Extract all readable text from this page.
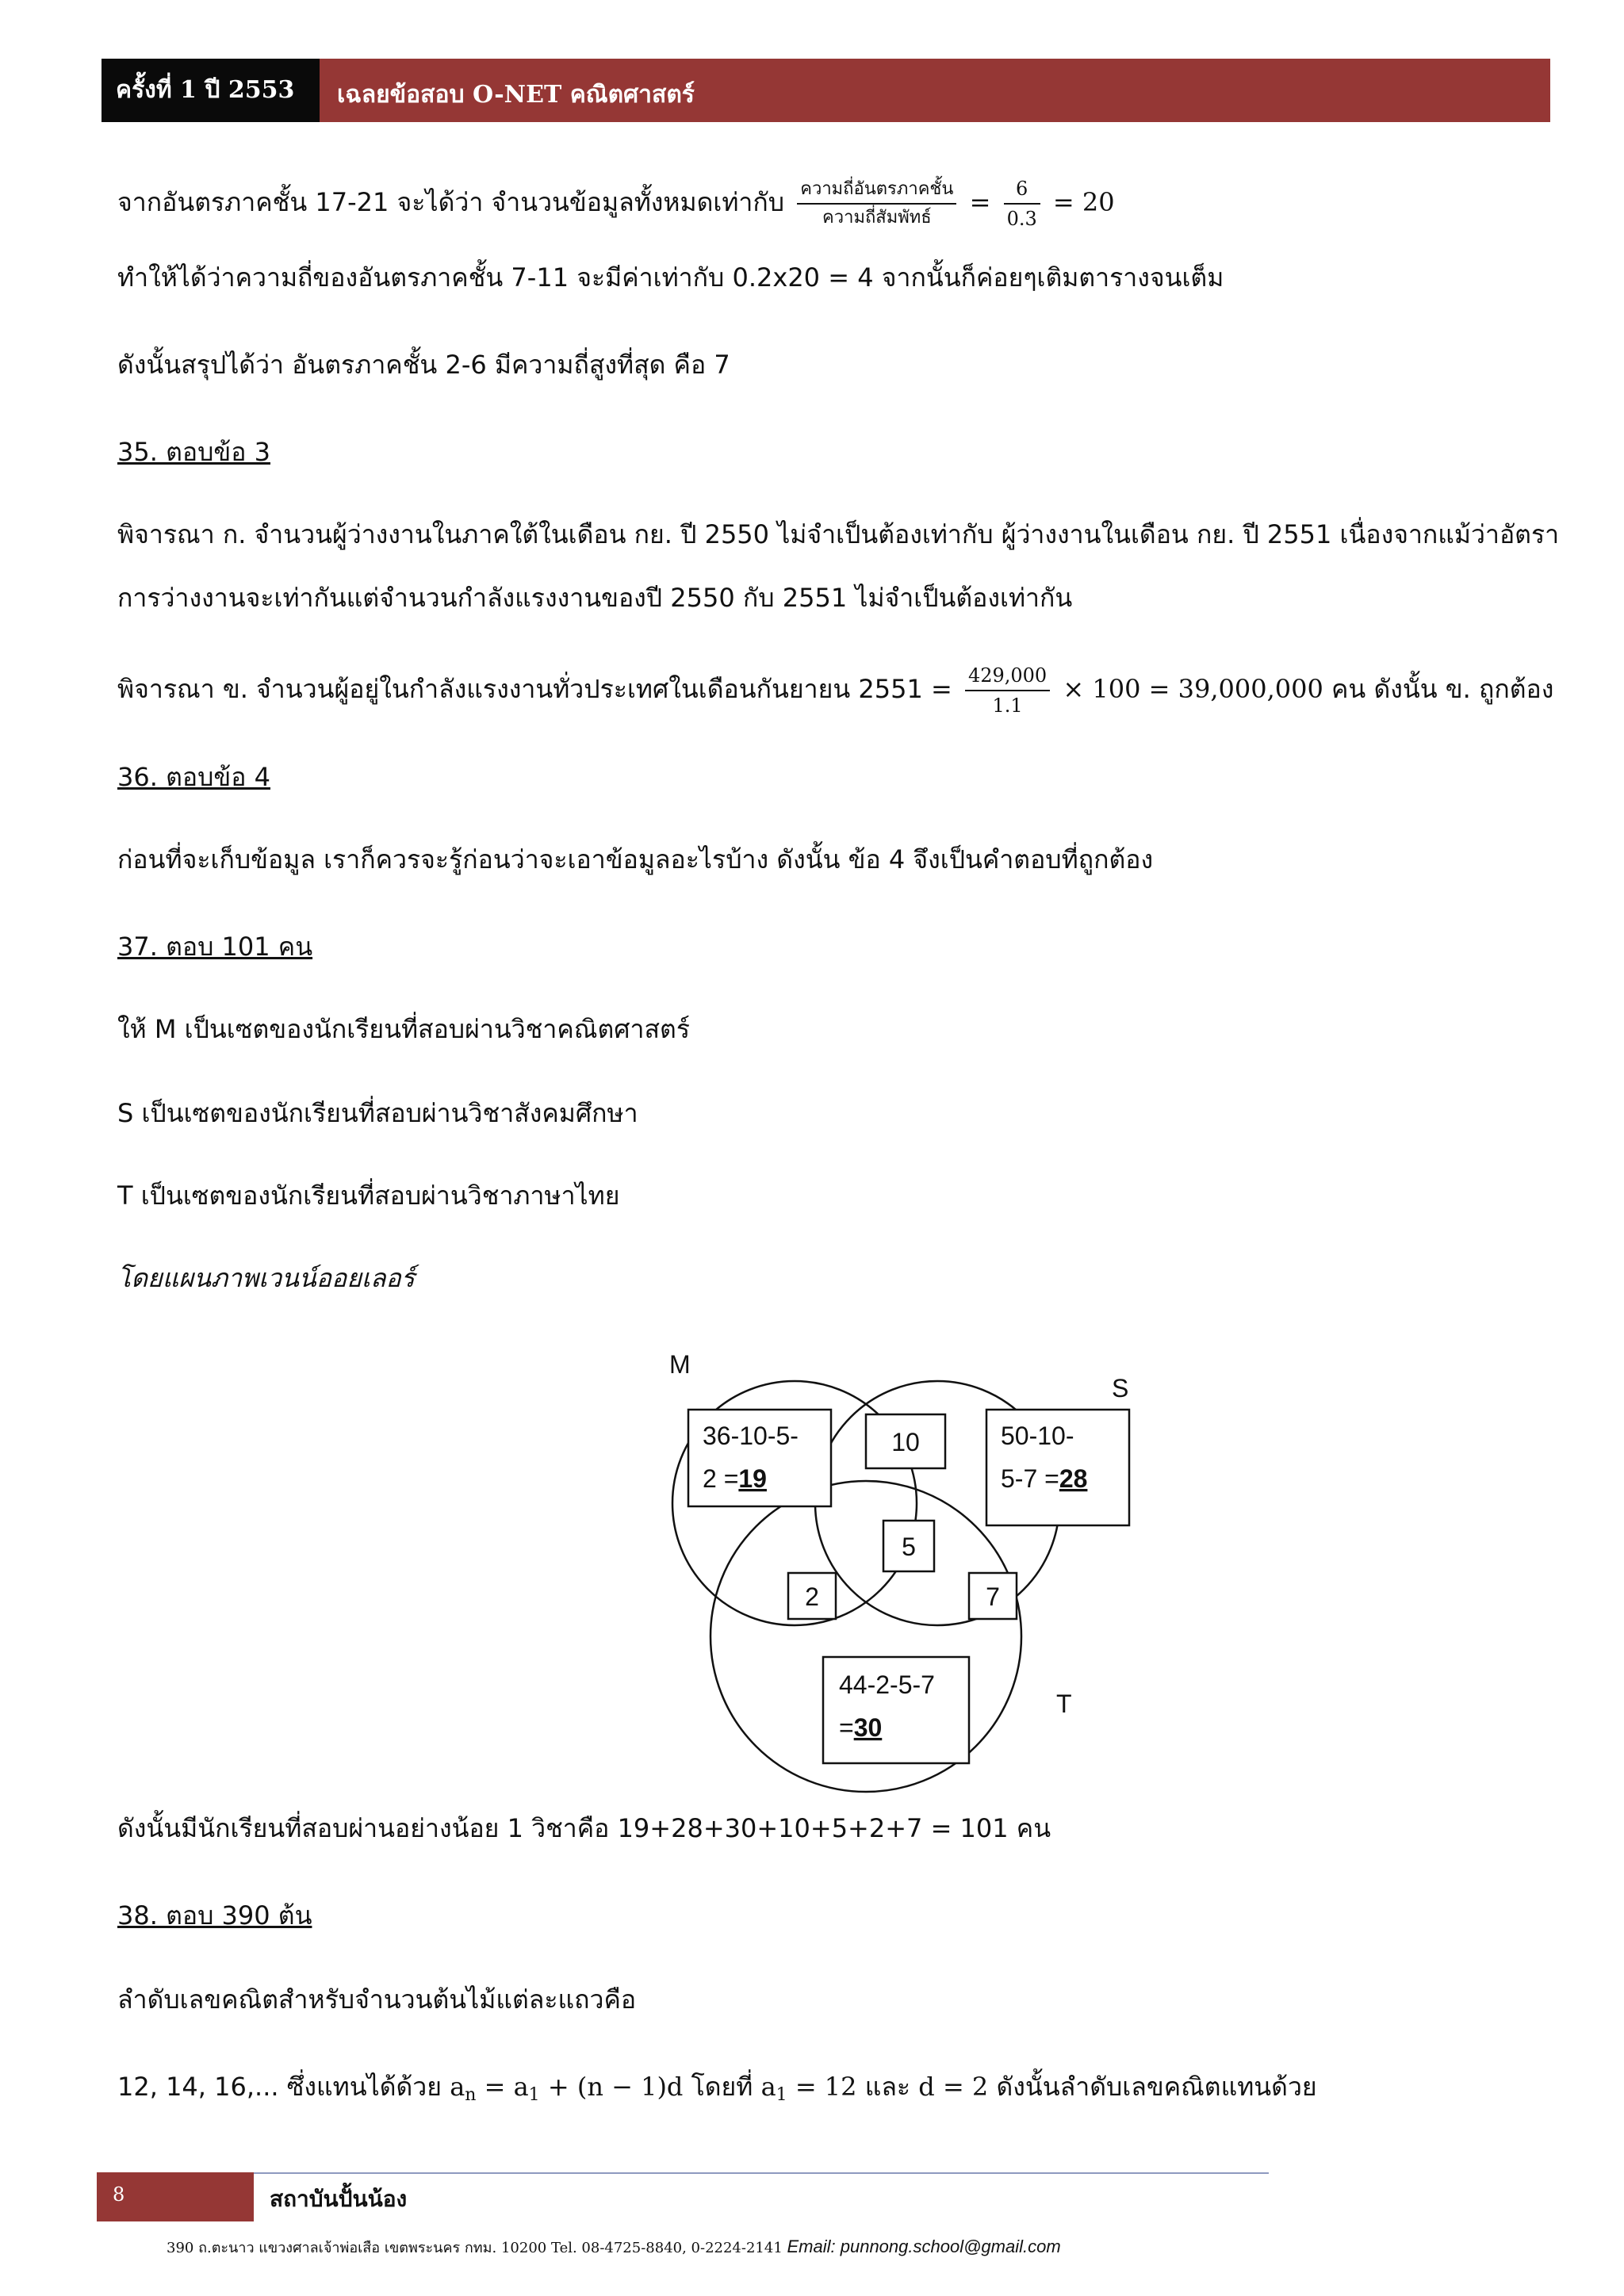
ครั้งที่ 1 ปี 2553	เฉลยข้อสอบ O-NET คณิตศาสตร์
จากอันตรภาคชั้น 17-21 จะได้ว่า จำนวนข้อมูลทั้งหมดเท่ากับ $\frac{\text{ความถี่อันตรภาคชั้น}}{\text{ความถี่สัมพัทธ์}} = \frac{6}{0.3} = 20$
ทำให้ได้ว่าความถี่ของอันตรภาคชั้น 7-11 จะมีค่าเท่ากับ 0.2x20 = 4 จากนั้นก็ค่อยๆเติมตารางจนเต็ม
ดังนั้นสรุปได้ว่า อันตรภาคชั้น 2-6 มีความถี่สูงที่สุด คือ 7
35. ตอบข้อ 3
พิจารณา ก. จำนวนผู้ว่างงานในภาคใต้ในเดือน กย. ปี 2550 ไม่จำเป็นต้องเท่ากับ ผู้ว่างงานในเดือน กย. ปี 2551 เนื่องจากแม้ว่าอัตรา
การว่างงานจะเท่ากันแต่จำนวนกำลังแรงงานของปี 2550 กับ 2551 ไม่จำเป็นต้องเท่ากัน
พิจารณา ข. จำนวนผู้อยู่ในกำลังแรงงานทั่วประเทศในเดือนกันยายน $2551 = \frac{429,000}{1.1} \times 100 = 39,000,000$ คน ดังนั้น ข. ถูกต้อง
36. ตอบข้อ 4
ก่อนที่จะเก็บข้อมูล เราก็ควรจะรู้ก่อนว่าจะเอาข้อมูลอะไรบ้าง ดังนั้น ข้อ 4 จึงเป็นคำตอบที่ถูกต้อง
37. ตอบ 101 คน
ให้ M เป็นเซตของนักเรียนที่สอบผ่านวิชาคณิตศาสตร์
S เป็นเซตของนักเรียนที่สอบผ่านวิชาสังคมศึกษา
T เป็นเซตของนักเรียนที่สอบผ่านวิชาภาษาไทย
โดยแผนภาพเวนน์ออยเลอร์
M
S
T
36-10-5-
2 =19
50-10-
5-7 =28
10
5
2	7
44-2-5-7
=30
ดังนั้นมีนักเรียนที่สอบผ่านอย่างน้อย 1 วิชาคือ 19+28+30+10+5+2+7 = 101 คน
38. ตอบ 390 ต้น
ลำดับเลขคณิตสำหรับจำนวนต้นไม้แต่ละแถวคือ
12, 14, 16,... ซึ่งแทนได้ด้วย $a_n = a_1 + (n - 1)d$ โดยที่ $a_1 = 12$ และ d = 2 ดังนั้นลำดับเลขคณิตแทนด้วย
8	สถาบันปั้นน้อง
390 ถ.ตะนาว แขวงศาลเจ้าพ่อเสือ เขตพระนคร กทม. 10200 Tel. 08-4725-8840, 0-2224-2141 Email: punnong.school@gmail.com
